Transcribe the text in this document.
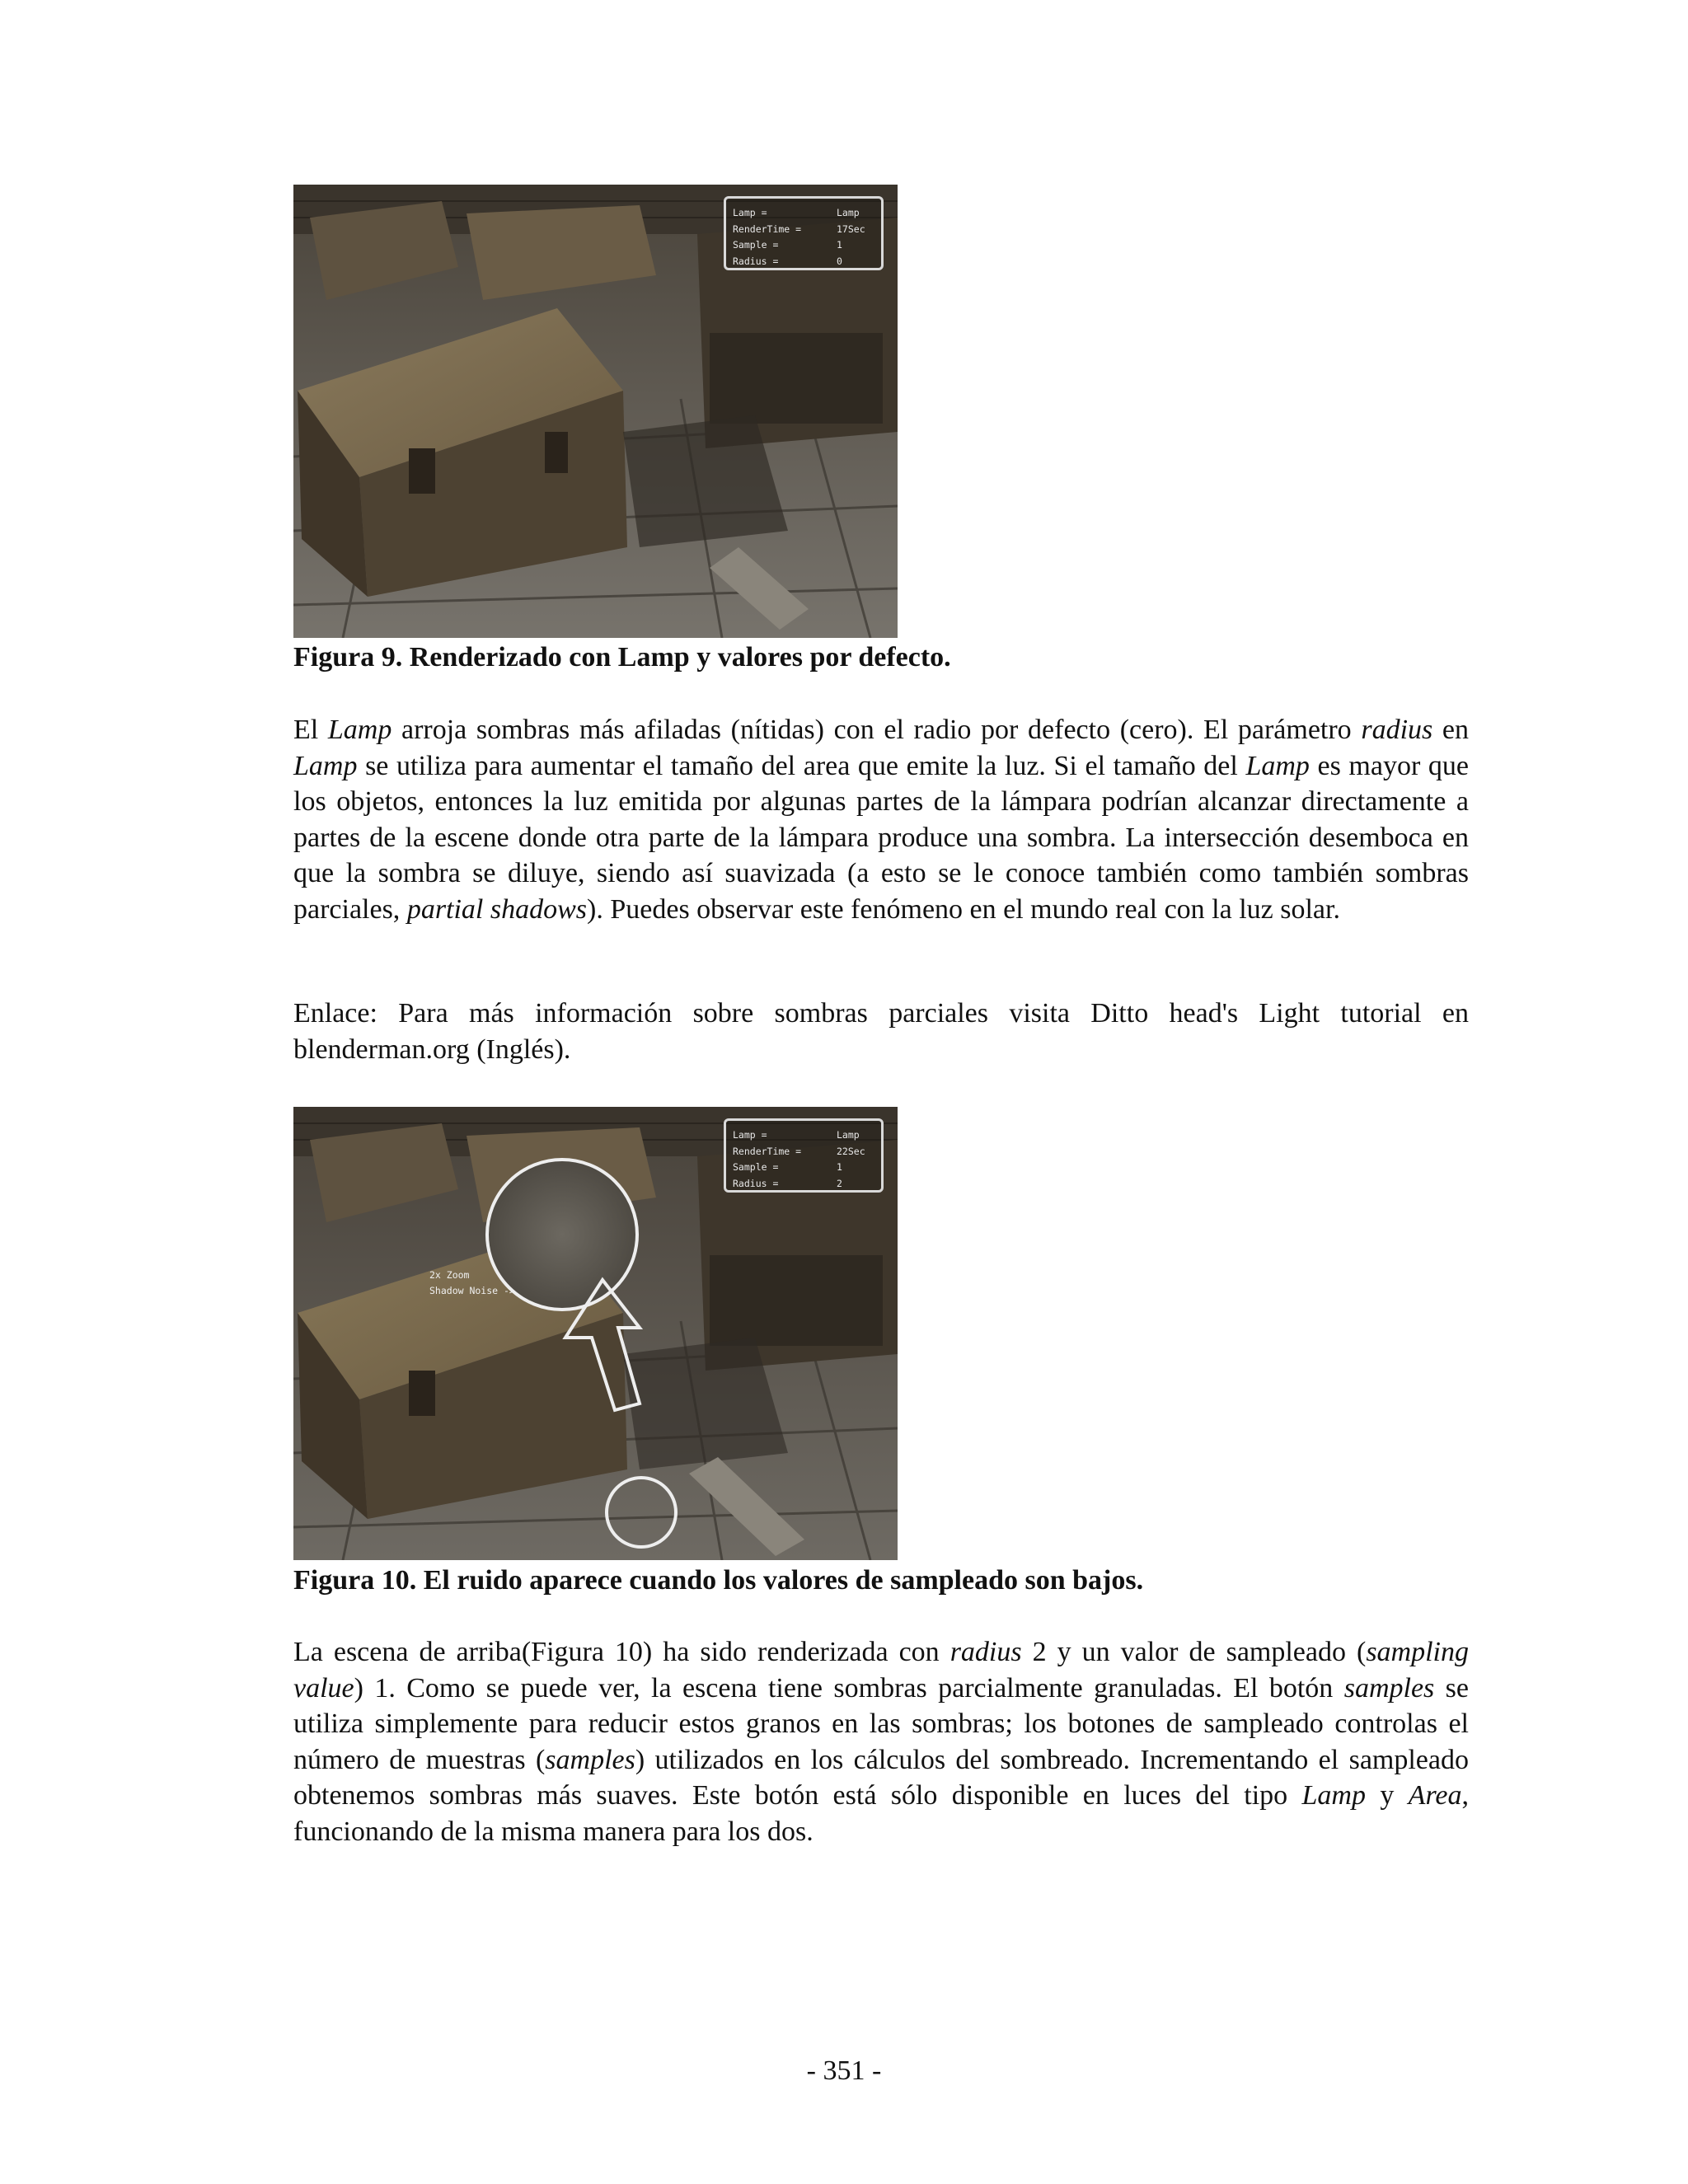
Lamp =	Lamp
RenderTime =	17Sec
Sample =	1
Radius =	0
Figura 9. Renderizado con Lamp y valores por defecto.

El Lamp arroja sombras más afiladas (nítidas) con el radio por defecto (cero). El parámetro radius en Lamp se utiliza para aumentar el tamaño del area que emite la luz. Si el tamaño del Lamp es mayor que los objetos, entonces la luz emitida por algunas partes de la lámpara podrían alcanzar directamente a partes de la escene donde otra parte de la lámpara produce una sombra. La intersección desemboca en que la sombra se diluye, siendo así suavizada (a esto se le conoce también como también sombras parciales, partial shadows). Puedes observar este fenómeno en el mundo real con la luz solar.

Enlace: Para más información sobre sombras parciales visita Ditto head's Light tutorial en blenderman.org (Inglés).

Lamp =	Lamp
RenderTime =	22Sec
Sample =	1
Radius =	2
2x Zoom
Shadow Noise ->
Figura 10. El ruido aparece cuando los valores de sampleado son bajos.

La escena de arriba(Figura 10) ha sido renderizada con radius 2 y un valor de sampleado (sampling value) 1. Como se puede ver, la escena tiene sombras parcialmente granuladas. El botón samples se utiliza simplemente para reducir estos granos en las sombras; los botones de sampleado controlas el número de muestras (samples) utilizados en los cálculos del sombreado. Incrementando el sampleado obtenemos sombras más suaves. Este botón está sólo disponible en luces del tipo Lamp y Area, funcionando de la misma manera para los dos.

- 351 -
